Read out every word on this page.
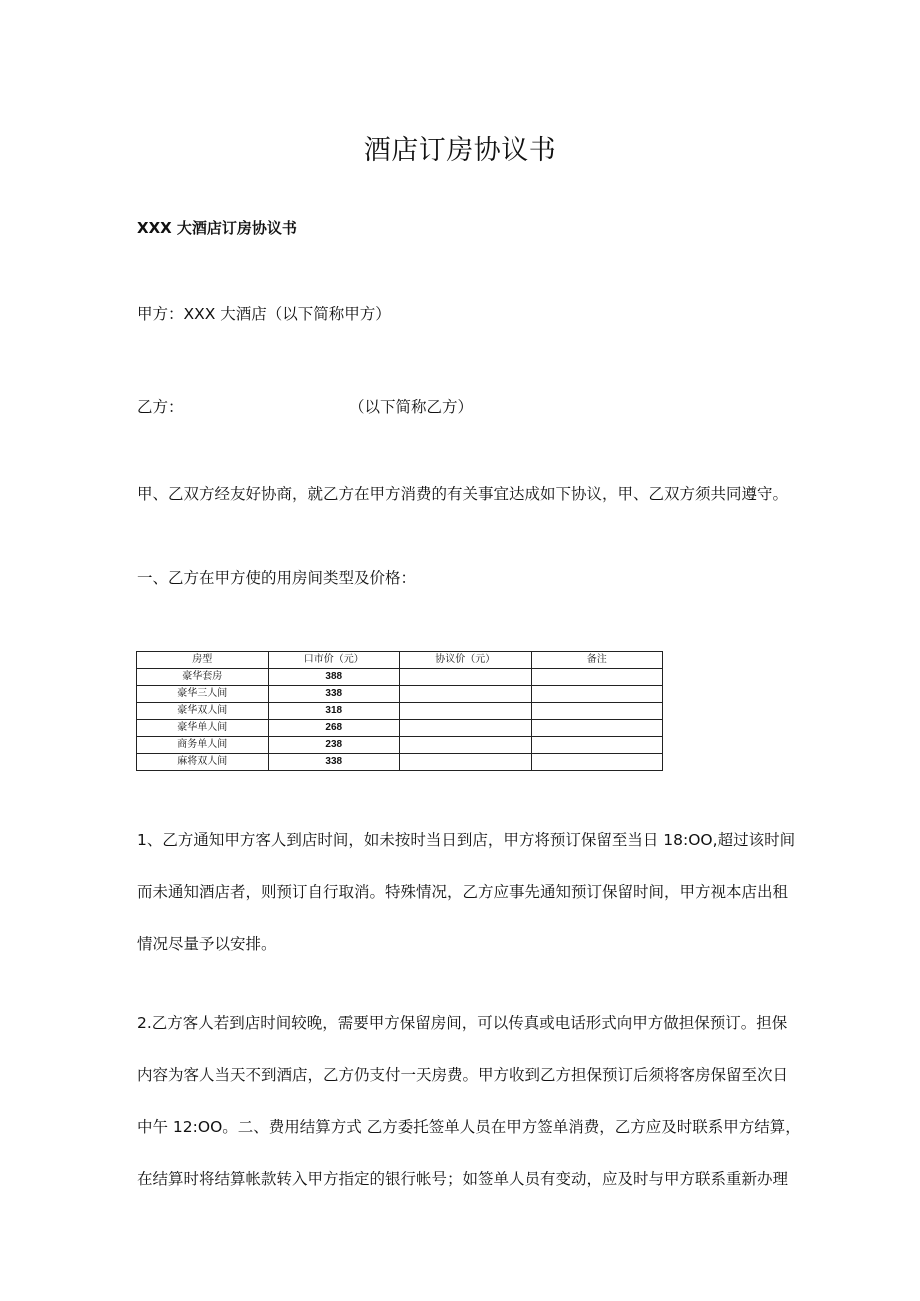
酒店订房协议书
XXX 大酒店订房协议书
甲方：XXX 大酒店（以下简称甲方）
乙方：	（以下简称乙方）
甲、乙双方经友好协商，就乙方在甲方消费的有关事宜达成如下协议，甲、乙双方须共同遵守。
一、乙方在甲方使的用房间类型及价格：
房型	口市价（元）	协议价（元）	备注
豪华套房	388		
豪华三人间	338		
豪华双人间	318		
豪华单人间	268		
商务单人间	238		
麻将双人间	338		
1、乙方通知甲方客人到店时间，如未按时当日到店，甲方将预订保留至当日 18:OO,超过该时间
而未通知酒店者，则预订自行取消。特殊情况，乙方应事先通知预订保留时间，甲方视本店出租
情况尽量予以安排。
2.乙方客人若到店时间较晚，需要甲方保留房间，可以传真或电话形式向甲方做担保预订。担保
内容为客人当天不到酒店，乙方仍支付一天房费。甲方收到乙方担保预订后须将客房保留至次日
中午 12:OO。二、费用结算方式 乙方委托签单人员在甲方签单消费，乙方应及时联系甲方结算，
在结算时将结算帐款转入甲方指定的银行帐号；如签单人员有变动，应及时与甲方联系重新办理
